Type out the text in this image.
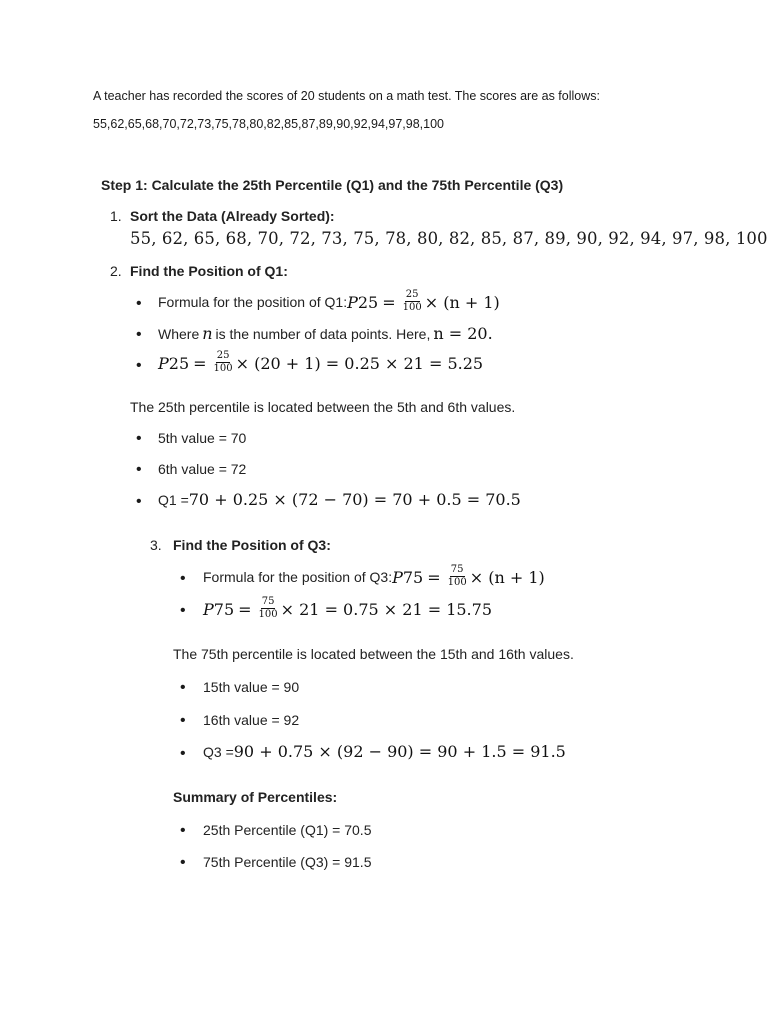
A teacher has recorded the scores of 20 students on a math test. The scores are as follows:
55,62,65,68,70,72,73,75,78,80,82,85,87,89,90,92,94,97,98,100
Step 1: Calculate the 25th Percentile (Q1) and the 75th Percentile (Q3)
1. Sort the Data (Already Sorted):
55, 62, 65, 68, 70, 72, 73, 75, 78, 80, 82, 85, 87, 89, 90, 92, 94, 97, 98, 100
2. Find the Position of Q1:
• Formula for the position of Q1: P $25 = \frac{25}{100} \times (n + 1)$
• Where n is the number of data points. Here, n = 20.
• P $25 = \frac{25}{100} \times (20 + 1) = 0.25 \times 21 = 5.25$
The 25th percentile is located between the 5th and 6th values.
• 5th value = 70
• 6th value = 72
• Q1 = 70 + 0.25 × (72 − 70) = 70 + 0.5 = 70.5
3. Find the Position of Q3:
• Formula for the position of Q3: P $75 = \frac{75}{100} \times (n + 1)$
• P $75 = \frac{75}{100} \times 21 = 0.75 \times 21 = 15.75$
The 75th percentile is located between the 15th and 16th values.
• 15th value = 90
• 16th value = 92
• Q3 = 90 + 0.75 × (92 − 90) = 90 + 1.5 = 91.5
Summary of Percentiles:
• 25th Percentile (Q1) = 70.5
• 75th Percentile (Q3) = 91.5
